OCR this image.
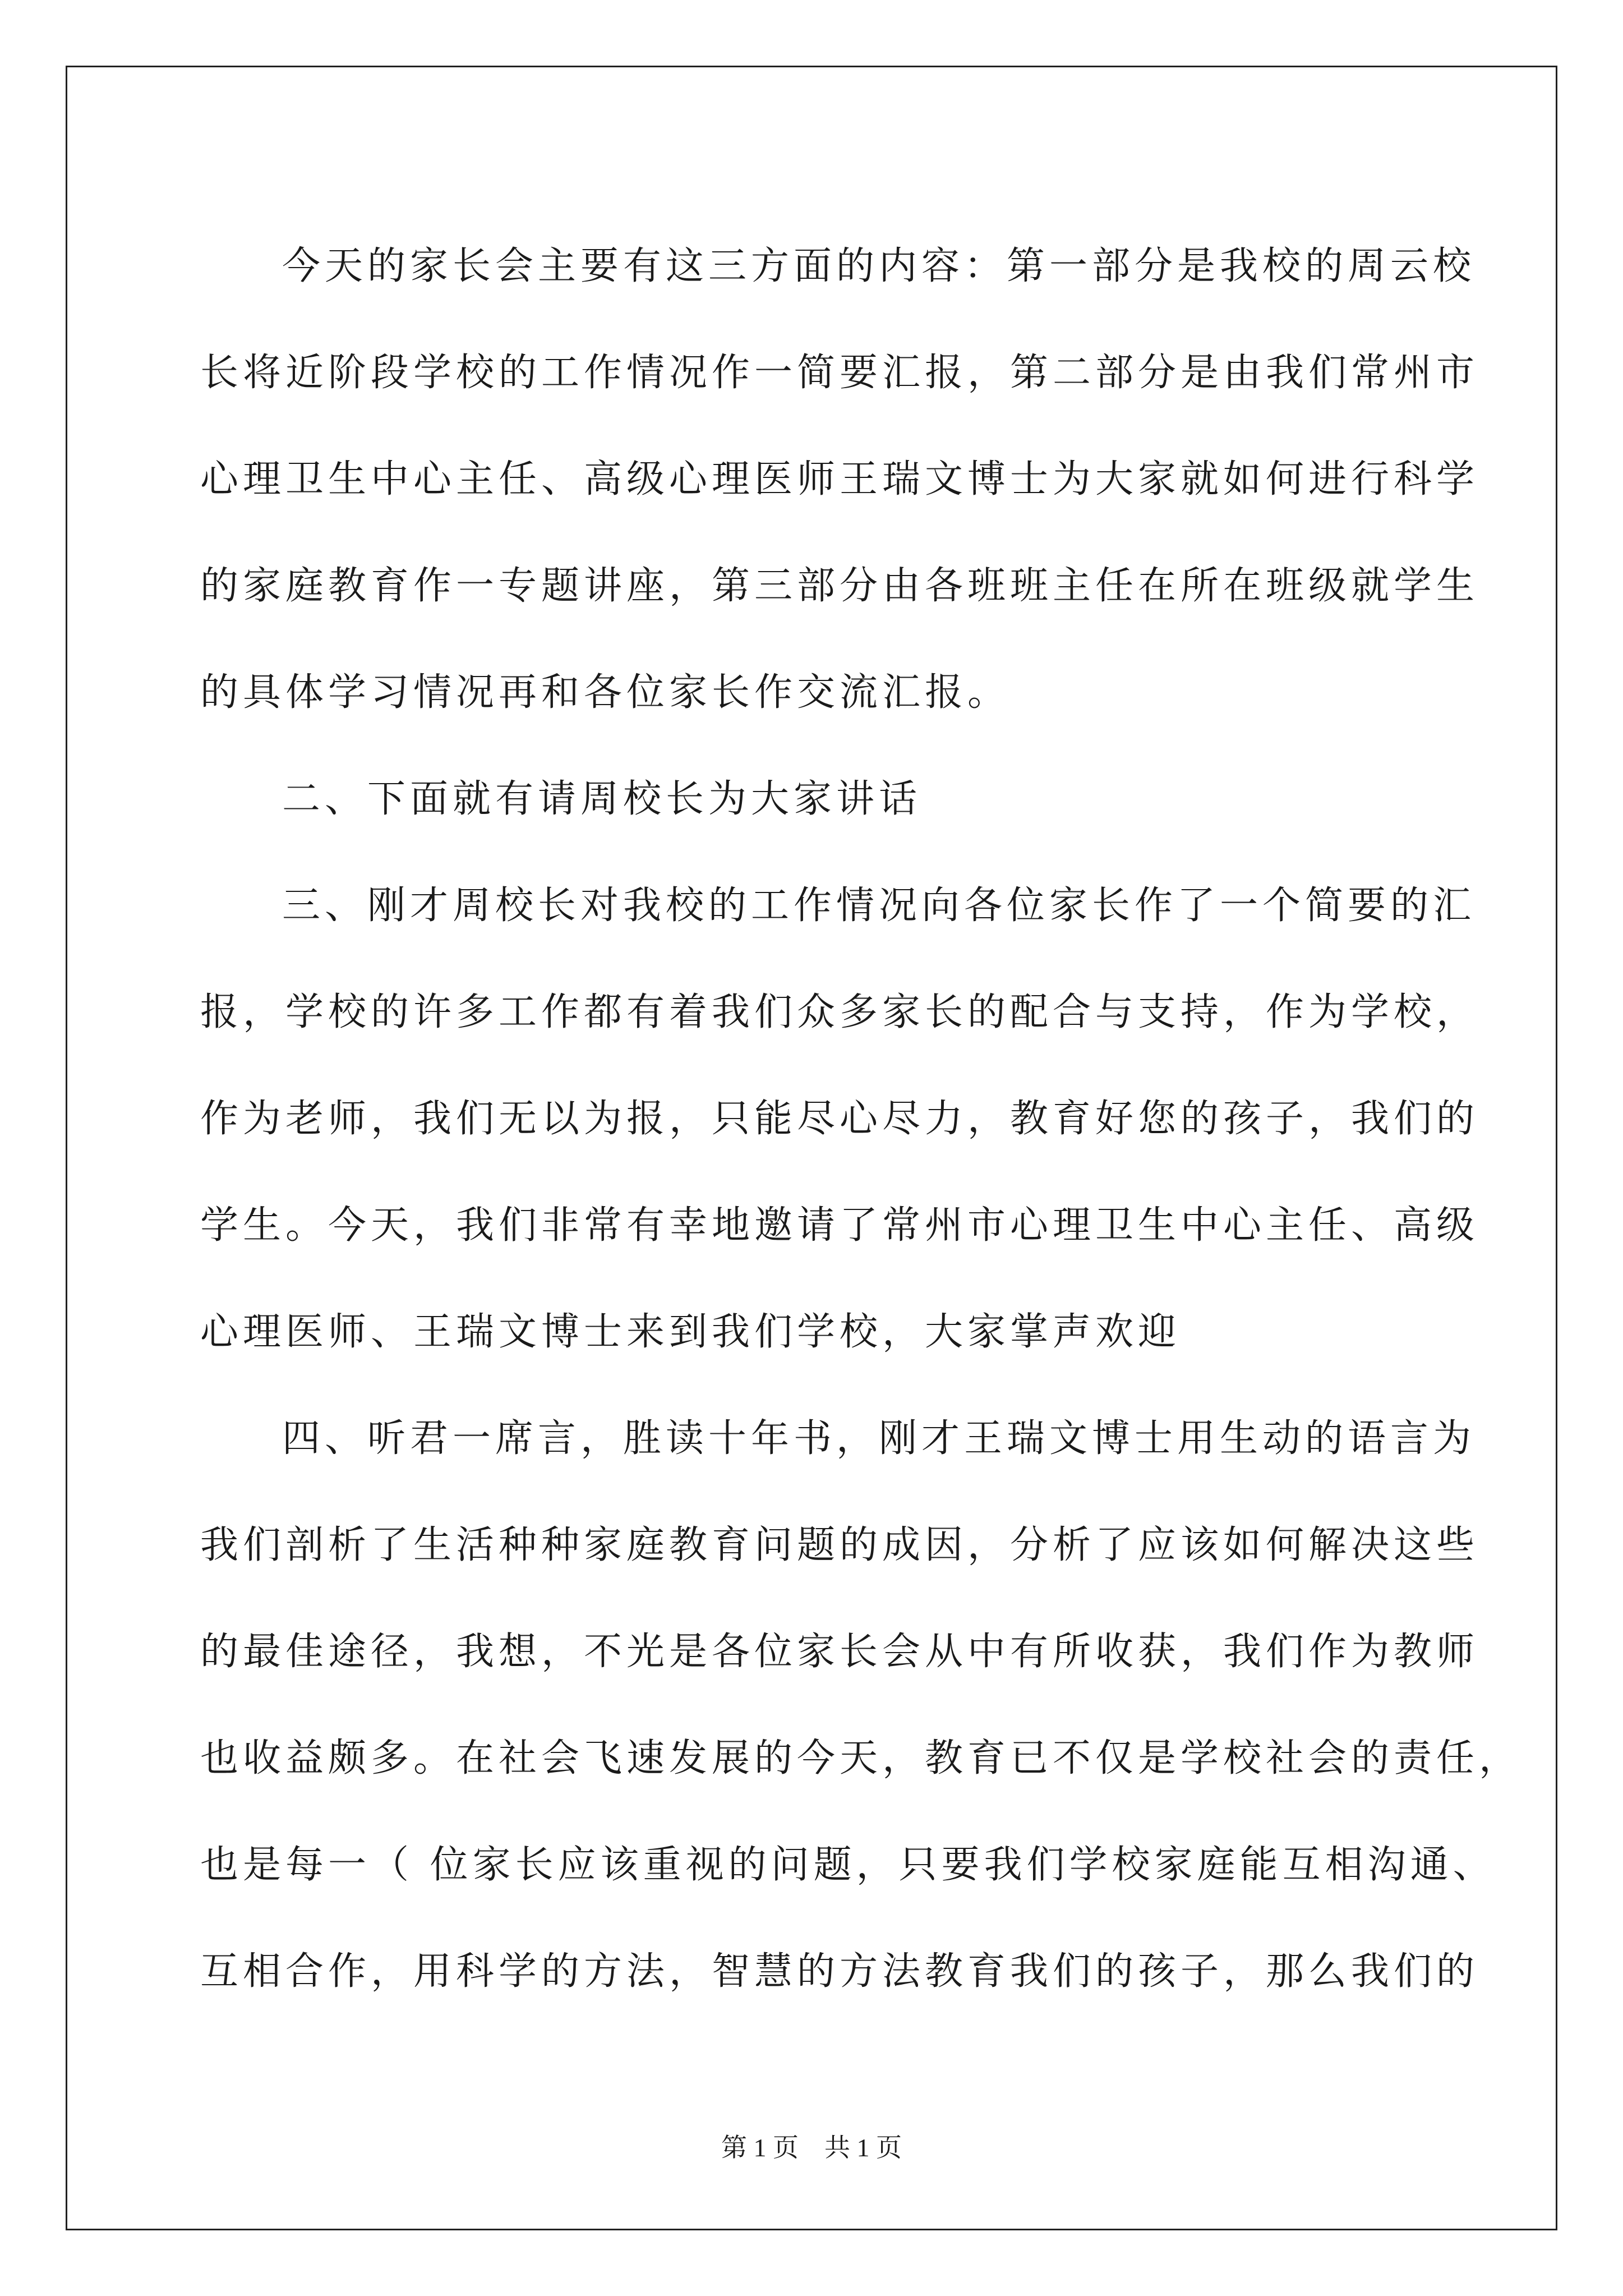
今天的家长会主要有这三方面的内容：第一部分是我校的周云校
长将近阶段学校的工作情况作一简要汇报，第二部分是由我们常州市
心理卫生中心主任、高级心理医师王瑞文博士为大家就如何进行科学
的家庭教育作一专题讲座，第三部分由各班班主任在所在班级就学生
的具体学习情况再和各位家长作交流汇报。
二、下面就有请周校长为大家讲话
三、刚才周校长对我校的工作情况向各位家长作了一个简要的汇
报，学校的许多工作都有着我们众多家长的配合与支持，作为学校，
作为老师，我们无以为报，只能尽心尽力，教育好您的孩子，我们的
学生。今天，我们非常有幸地邀请了常州市心理卫生中心主任、高级
心理医师、王瑞文博士来到我们学校，大家掌声欢迎
四、听君一席言，胜读十年书，刚才王瑞文博士用生动的语言为
我们剖析了生活种种家庭教育问题的成因，分析了应该如何解决这些
的最佳途径，我想，不光是各位家长会从中有所收获，我们作为教师
也收益颇多。在社会飞速发展的今天，教育已不仅是学校社会的责任，
也是每一（ 位家长应该重视的问题，只要我们学校家庭能互相沟通、
互相合作，用科学的方法，智慧的方法教育我们的孩子，那么我们的
第 1 页　共 1 页
